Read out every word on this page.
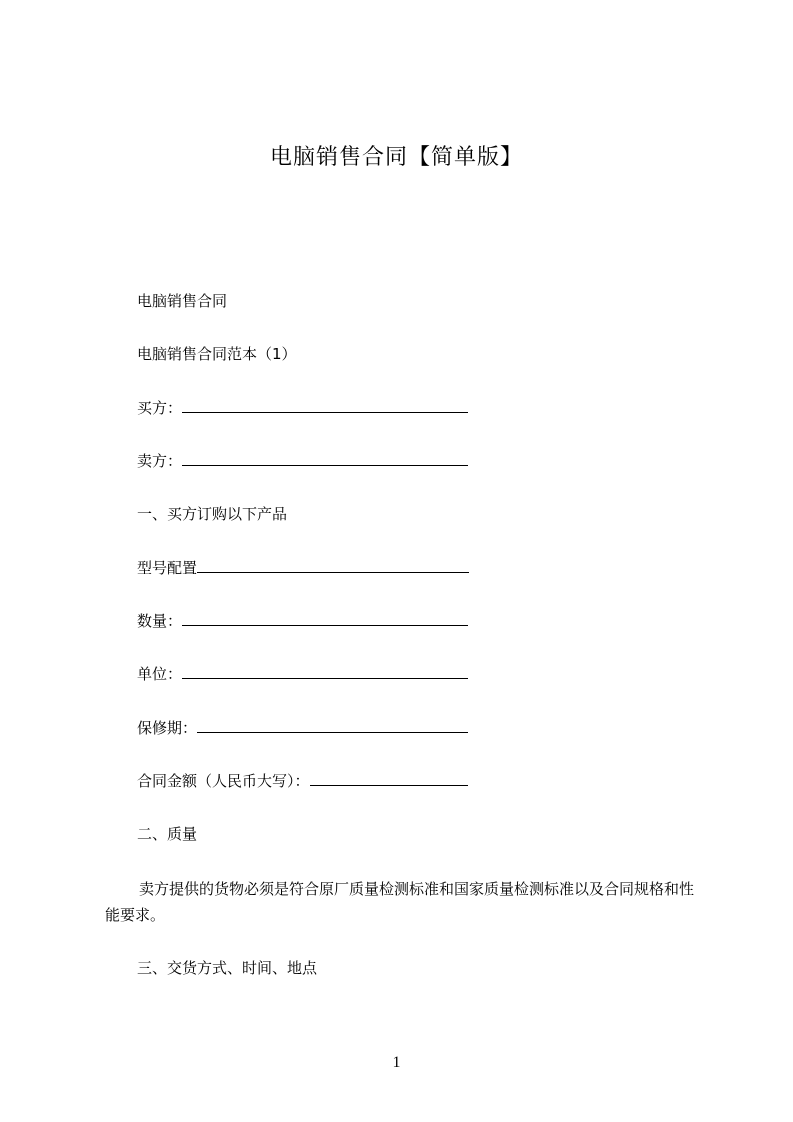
电脑销售合同【简单版】

电脑销售合同

电脑销售合同范本（1）

买方：

卖方：

一、买方订购以下产品

型号配置

数量：

单位：

保修期：

合同金额（人民币大写）：

二、质量

卖方提供的货物必须是符合原厂质量检测标准和国家质量检测标准以及合同规格和性能要求。

三、交货方式、时间、地点

1
